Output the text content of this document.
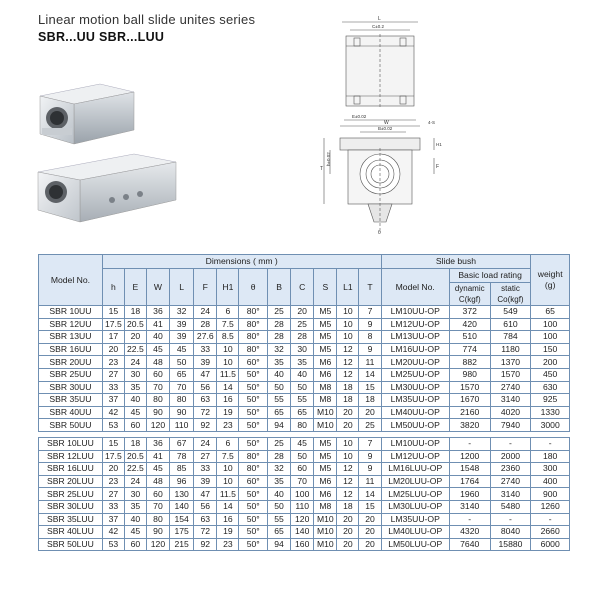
Linear motion ball slide unites series
SBR...UU SBR...LUU
L
C±0.2
E±0.02
W
B±0.02
4-S
T
h±0.02
H1
F
θ
Model No.	Dimensions ( mm )												Slide bush			weight (g)
	h	E	W	L	F	H1	θ	B	C	S	L1	T	Model No.	Basic load rating		
														dynamic C(kgf)	static Co(kgf)	
SBR 10UU	15	18	36	32	24	6	80°	25	20	M5	10	7	LM10UU-OP	372	549	65
SBR 12UU	17.5	20.5	41	39	28	7.5	80°	28	25	M5	10	9	LM12UU-OP	420	610	100
SBR 13UU	17	20	40	39	27.6	8.5	80°	28	28	M5	10	8	LM13UU-OP	510	784	100
SBR 16UU	20	22.5	45	45	33	10	80°	32	30	M5	12	9	LM16UU-OP	774	1180	150
SBR 20UU	23	24	48	50	39	10	60°	35	35	M6	12	11	LM20UU-OP	882	1370	200
SBR 25UU	27	30	60	65	47	11.5	50°	40	40	M6	12	14	LM25UU-OP	980	1570	450
SBR 30UU	33	35	70	70	56	14	50°	50	50	M8	18	15	LM30UU-OP	1570	2740	630
SBR 35UU	37	40	80	80	63	16	50°	55	55	M8	18	18	LM35UU-OP	1670	3140	925
SBR 40UU	42	45	90	90	72	19	50°	65	65	M10	20	20	LM40UU-OP	2160	4020	1330
SBR 50UU	53	60	120	110	92	23	50°	94	80	M10	20	25	LM50UU-OP	3820	7940	3000

SBR 10LUU	15	18	36	67	24	6	50°	25	45	M5	10	7	LM10UU-OP	-	-	-
SBR 12LUU	17.5	20.5	41	78	27	7.5	80°	28	50	M5	10	9	LM12UU-OP	1200	2000	180
SBR 16LUU	20	22.5	45	85	33	10	80°	32	60	M5	12	9	LM16LUU-OP	1548	2360	300
SBR 20LUU	23	24	48	96	39	10	60°	35	70	M6	12	11	LM20LUU-OP	1764	2740	400
SBR 25LUU	27	30	60	130	47	11.5	50°	40	100	M6	12	14	LM25LUU-OP	1960	3140	900
SBR 30LUU	33	35	70	140	56	14	50°	50	110	M8	18	15	LM30LUU-OP	3140	5480	1260
SBR 35LUU	37	40	80	154	63	16	50°	55	120	M10	20	20	LM35UU-OP	-	-	-
SBR 40LUU	42	45	90	175	72	19	50°	65	140	M10	20	20	LM40LUU-OP	4320	8040	2660
SBR 50LUU	53	60	120	215	92	23	50°	94	160	M10	20	20	LM50LUU-OP	7640	15880	6000
